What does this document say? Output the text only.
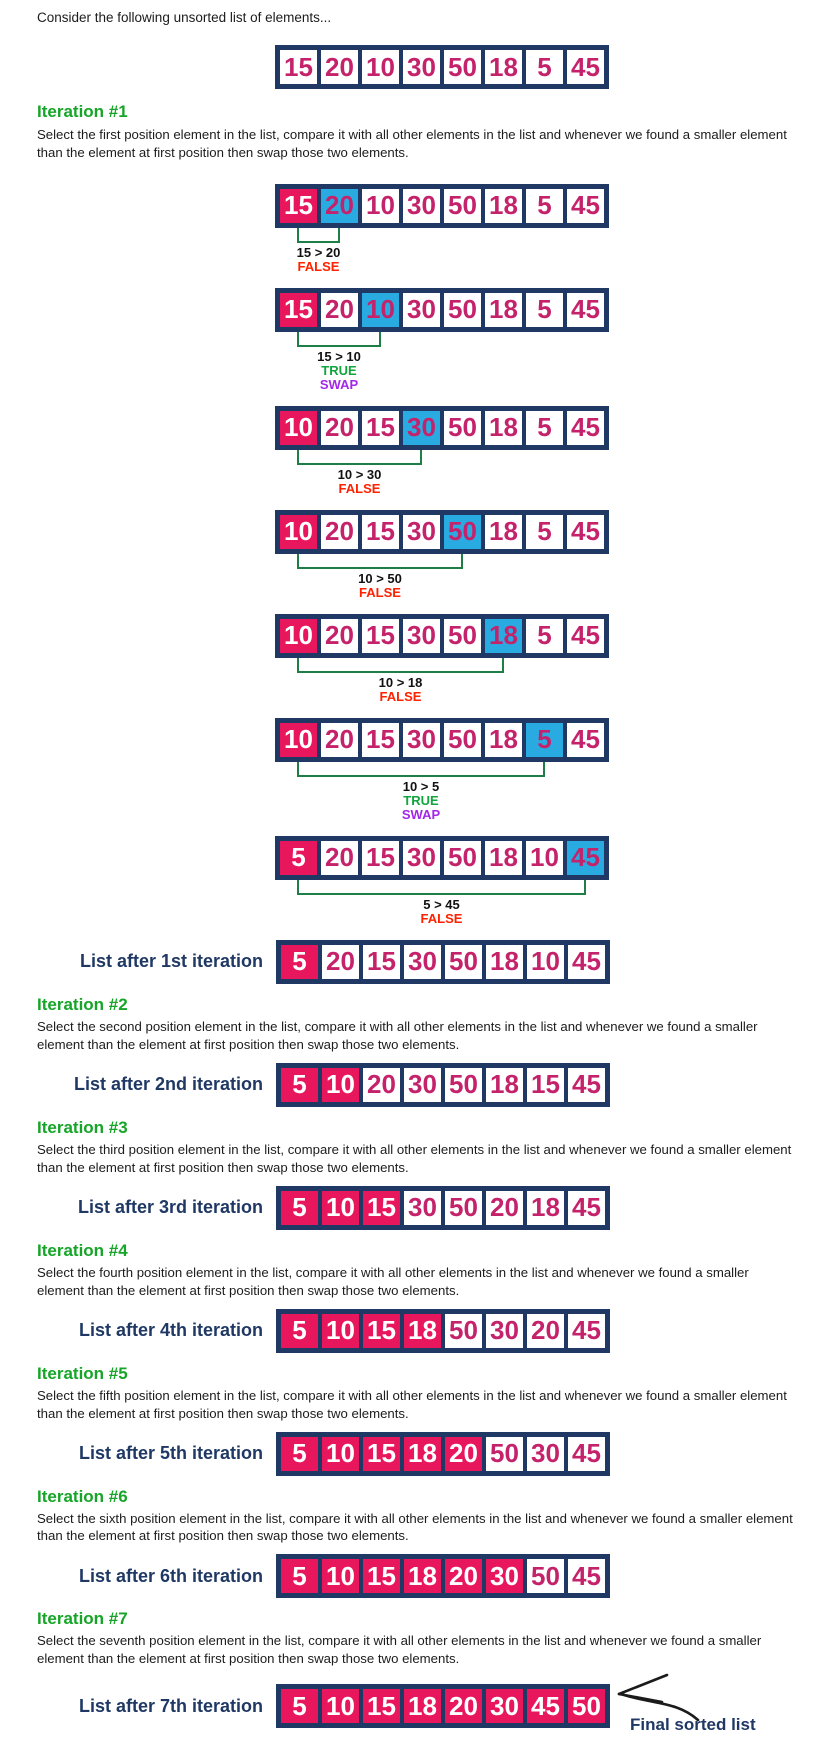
Consider the following unsorted list of elements...

15 20 10 30 50 18 5 45
Iteration #1
Select the first position element in the list, compare it with all other elements in the list and whenever we found a smaller element than the element at first position then swap those two elements.
15 20 10 30 50 18 5 45
15 > 20
FALSE
15 20 10 30 50 18 5 45
15 > 10
TRUE
SWAP
10 20 15 30 50 18 5 45
10 > 30
FALSE
10 20 15 30 50 18 5 45
10 > 50
FALSE
10 20 15 30 50 18 5 45
10 > 18
FALSE
10 20 15 30 50 18 5 45
10 > 5
TRUE
SWAP
5 20 15 30 50 18 10 45
5 > 45
FALSE
List after 1st iteration	5 20 15 30 50 18 10 45
Iteration #2
Select the second position element in the list, compare it with all other elements in the list and whenever we found a smaller element than the element at first position then swap those two elements.
List after 2nd iteration	5 10 20 30 50 18 15 45
Iteration #3
Select the third position element in the list, compare it with all other elements in the list and whenever we found a smaller element than the element at first position then swap those two elements.
List after 3rd iteration	5 10 15 30 50 20 18 45
Iteration #4
Select the fourth position element in the list, compare it with all other elements in the list and whenever we found a smaller element than the element at first position then swap those two elements.
List after 4th iteration	5 10 15 18 50 30 20 45
Iteration #5
Select the fifth position element in the list, compare it with all other elements in the list and whenever we found a smaller element than the element at first position then swap those two elements.
List after 5th iteration	5 10 15 18 20 50 30 45
Iteration #6
Select the sixth position element in the list, compare it with all other elements in the list and whenever we found a smaller element than the element at first position then swap those two elements.
List after 6th iteration	5 10 15 18 20 30 50 45
Iteration #7
Select the seventh position element in the list, compare it with all other elements in the list and whenever we found a smaller element than the element at first position then swap those two elements.
List after 7th iteration	5 10 15 18 20 30 45 50
Final sorted list
